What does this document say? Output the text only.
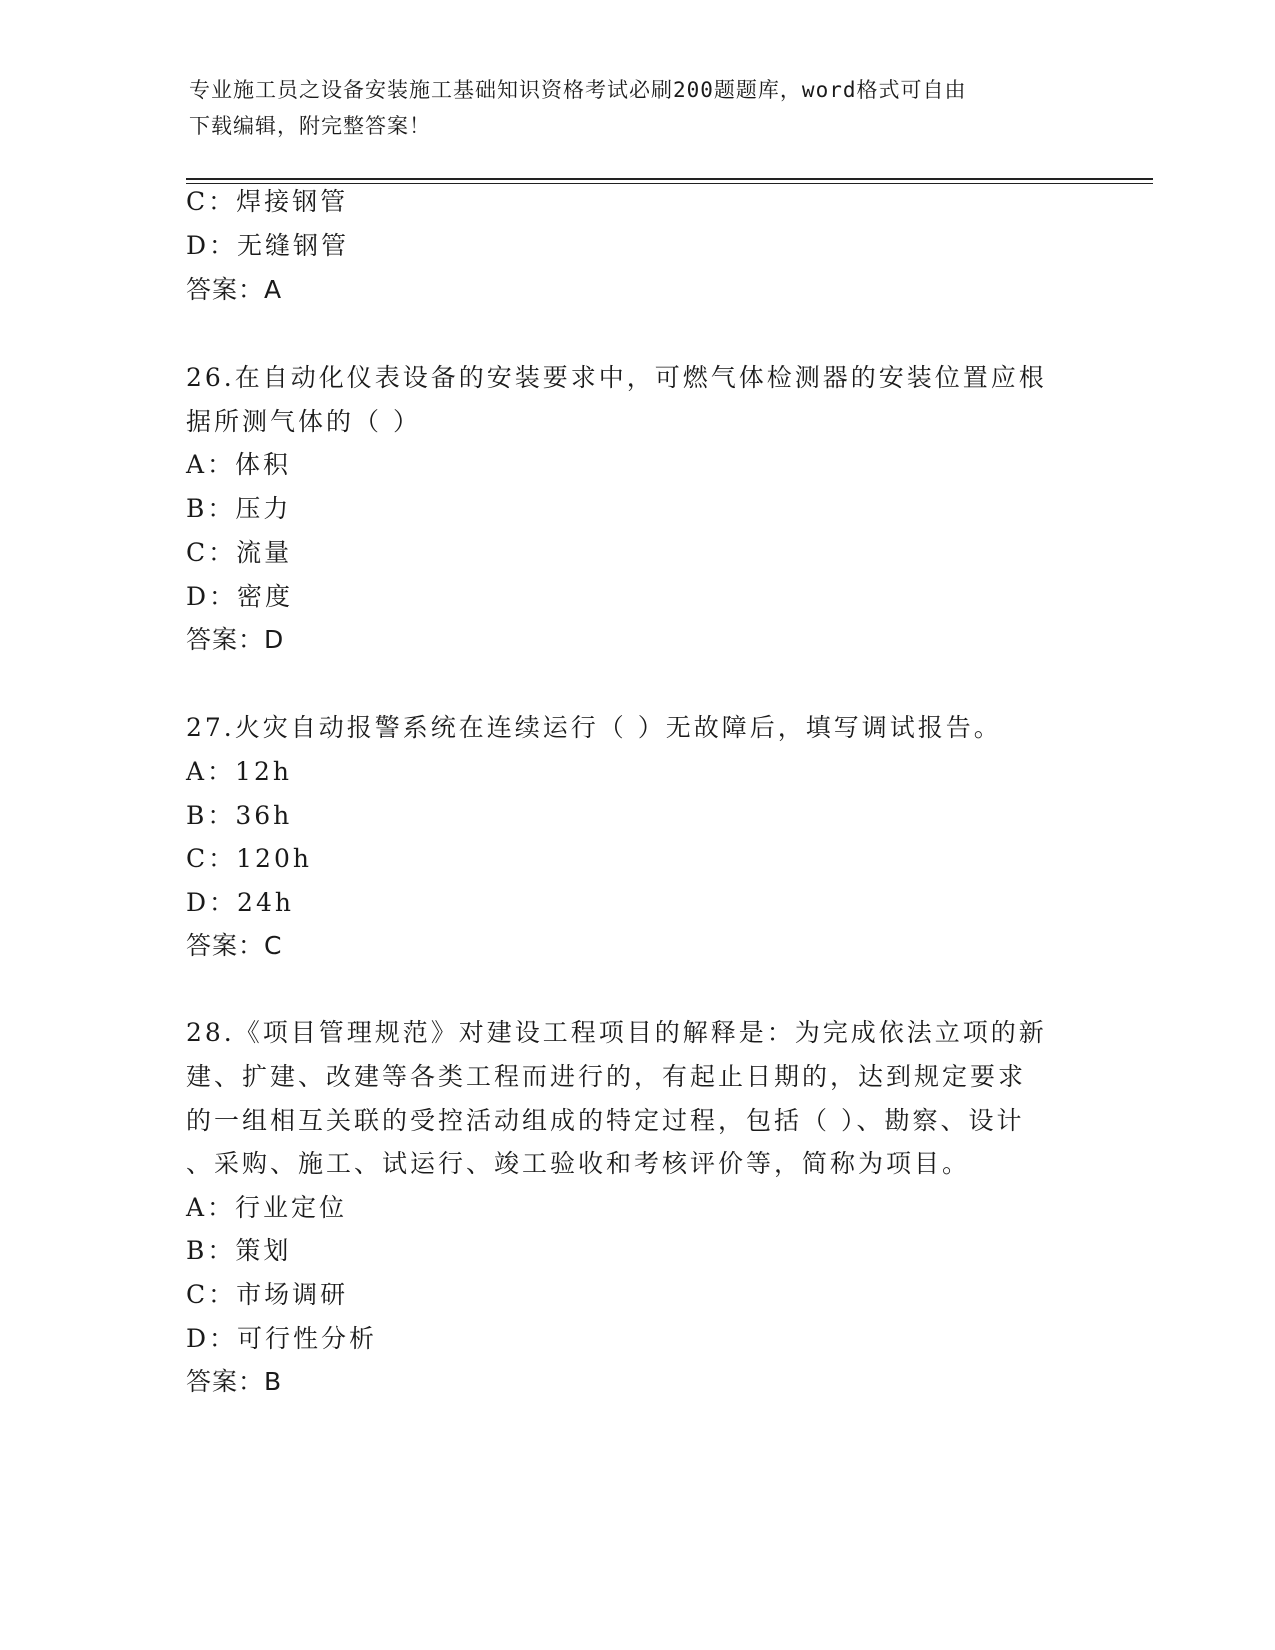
专业施工员之设备安装施工基础知识资格考试必刷200题题库，word格式可自由
下载编辑，附完整答案！
C：焊接钢管
D：无缝钢管
答案：A
26.在自动化仪表设备的安装要求中，可燃气体检测器的安装位置应根
据所测气体的（ ）
A：体积
B：压力
C：流量
D：密度
答案：D
27.火灾自动报警系统在连续运行（ ）无故障后，填写调试报告。
A：12h
B：36h
C：120h
D：24h
答案：C
28.《项目管理规范》对建设工程项目的解释是：为完成依法立项的新
建、扩建、改建等各类工程而进行的，有起止日期的，达到规定要求
的一组相互关联的受控活动组成的特定过程，包括（ ）、勘察、设计
、采购、施工、试运行、竣工验收和考核评价等，简称为项目。
A：行业定位
B：策划
C：市场调研
D：可行性分析
答案：B
